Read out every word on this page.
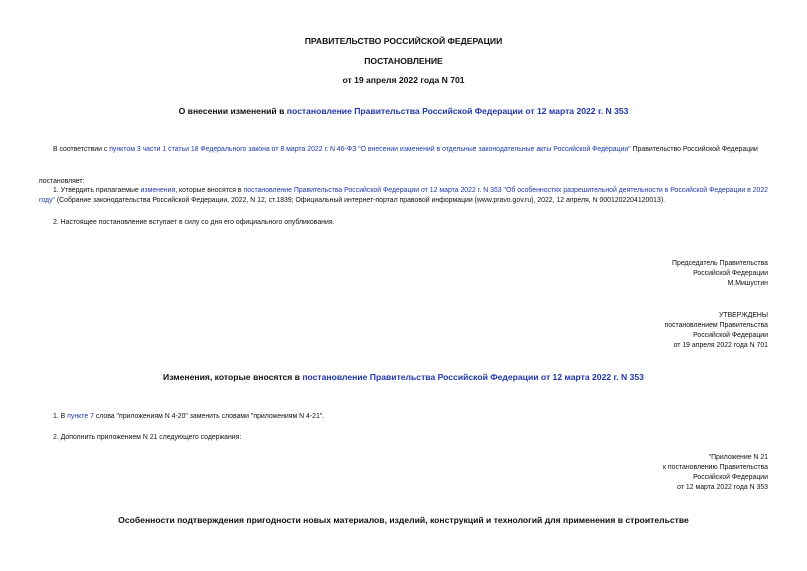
ПРАВИТЕЛЬСТВО РОССИЙСКОЙ ФЕДЕРАЦИИ
ПОСТАНОВЛЕНИЕ
от 19 апреля 2022 года N 701
О внесении изменений в постановление Правительства Российской Федерации от 12 марта 2022 г. N 353
В соответствии с пунктом 3 части 1 статьи 18 Федерального закона от 8 марта 2022 г. N 46-ФЗ "О внесении изменений в отдельные законодательные акты Российской Федерации" Правительство Российской Федерации
постановляет:
1. Утвердить прилагаемые изменения, которые вносятся в постановление Правительства Российской Федерации от 12 марта 2022 г. N 353 "Об особенностях разрешительной деятельности в Российской Федерации в 2022 году" (Собрание законодательства Российской Федерации, 2022, N 12, ст.1839; Официальный интернет-портал правовой информации (www.pravo.gov.ru), 2022, 12 апреля, N 0001202204120013).
2. Настоящее постановление вступает в силу со дня его официального опубликования.
Председатель Правительства
Российской Федерации
М.Мишустин
УТВЕРЖДЕНЫ
постановлением Правительства
Российской Федерации
от 19 апреля 2022 года N 701
Изменения, которые вносятся в постановление Правительства Российской Федерации от 12 марта 2022 г. N 353
1. В пункте 7 слова "приложениям N 4-20" заменить словами "приложениям N 4-21".
2. Дополнить приложением N 21 следующего содержания:
"Приложение N 21
к постановлению Правительства
Российской Федерации
от 12 марта 2022 года N 353
Особенности подтверждения пригодности новых материалов, изделий, конструкций и технологий для применения в строительстве
